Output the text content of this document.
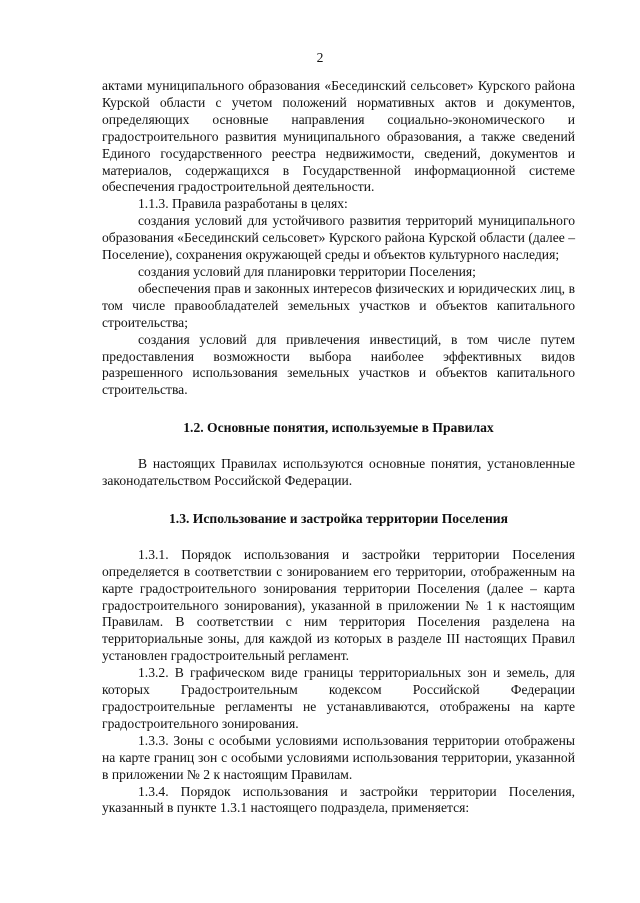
2

актами муниципального образования «Бесединский сельсовет» Курского района Курской области с учетом положений нормативных актов и документов, определяющих основные направления социально-экономического и градостроительного развития муниципального образования, а также сведений Единого государственного реестра недвижимости, сведений, документов и материалов, содержащихся в Государственной информационной системе обеспечения градостроительной деятельности.

1.1.3. Правила разработаны в целях:

создания условий для устойчивого развития территорий муниципального образования «Бесединский сельсовет» Курского района Курской области (далее – Поселение), сохранения окружающей среды и объектов культурного наследия;

создания условий для планировки территории Поселения;

обеспечения прав и законных интересов физических и юридических лиц, в том числе правообладателей земельных участков и объектов капитального строительства;

создания условий для привлечения инвестиций, в том числе путем предоставления возможности выбора наиболее эффективных видов разрешенного использования земельных участков и объектов капитального строительства.

1.2. Основные понятия, используемые в Правилах

В настоящих Правилах используются основные понятия, установленные законодательством Российской Федерации.

1.3. Использование и застройка территории Поселения

1.3.1. Порядок использования и застройки территории Поселения определяется в соответствии с зонированием его территории, отображенным на карте градостроительного зонирования территории Поселения (далее – карта градостроительного зонирования), указанной в приложении № 1 к настоящим Правилам. В соответствии с ним территория Поселения разделена на территориальные зоны, для каждой из которых в разделе III настоящих Правил установлен градостроительный регламент.

1.3.2. В графическом виде границы территориальных зон и земель, для которых Градостроительным кодексом Российской Федерации градостроительные регламенты не устанавливаются, отображены на карте градостроительного зонирования.

1.3.3. Зоны с особыми условиями использования территории отображены на карте границ зон с особыми условиями использования территории, указанной в приложении № 2 к настоящим Правилам.

1.3.4. Порядок использования и застройки территории Поселения, указанный в пункте 1.3.1 настоящего подраздела, применяется:
